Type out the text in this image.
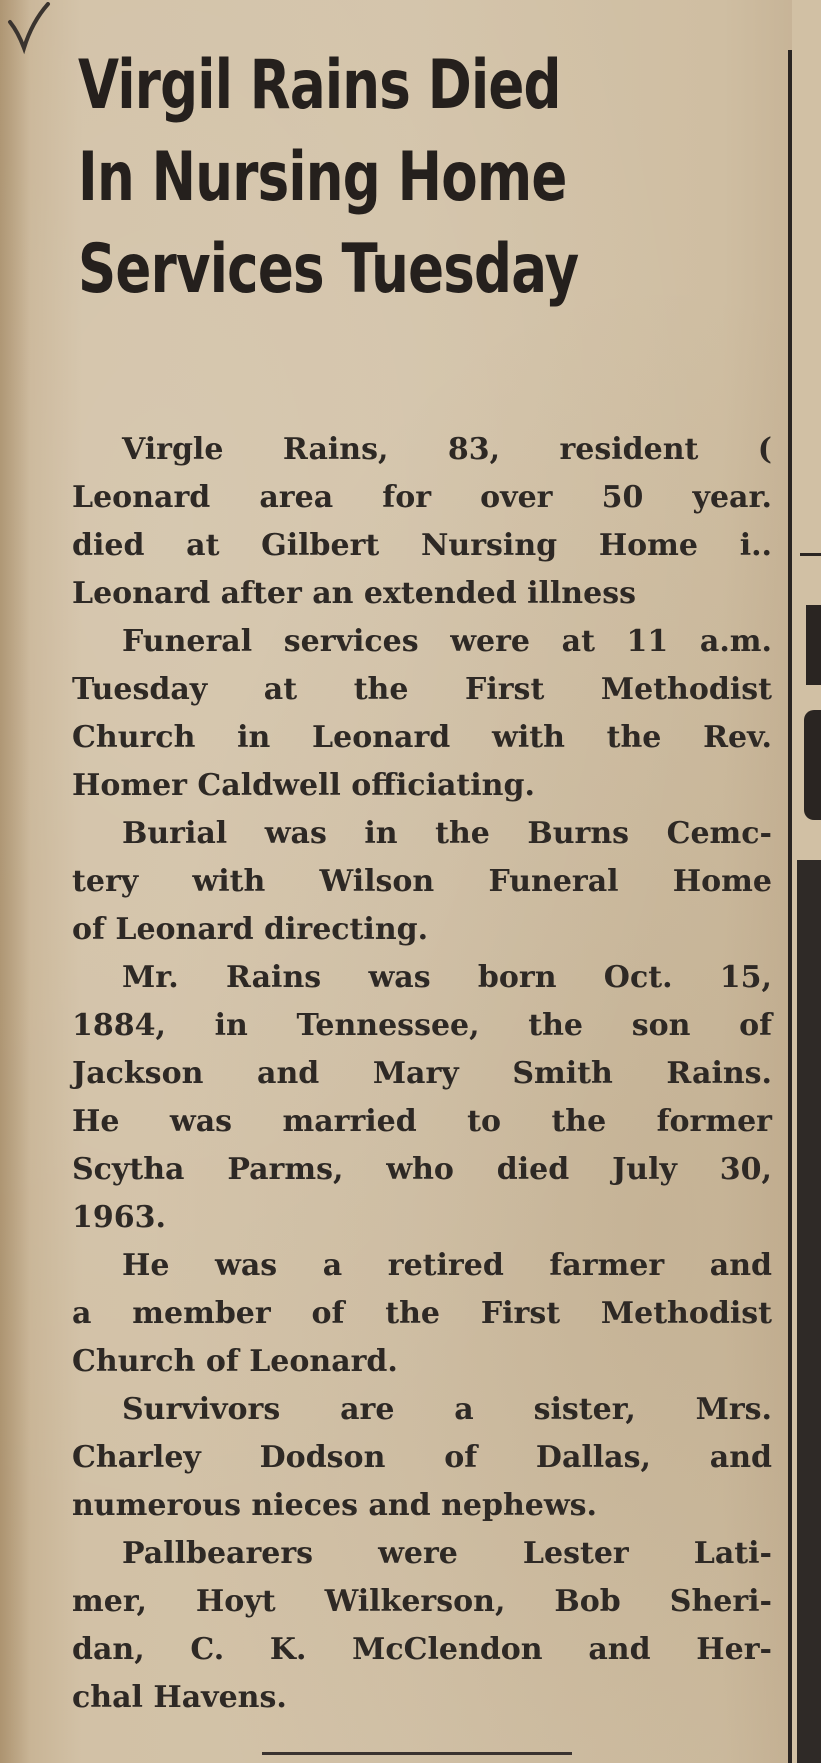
Virgil Rains Died
In Nursing Home
Services Tuesday
Virgle Rains, 83, resident (
Leonard area for over 50 year.
died at Gilbert Nursing Home i..
Leonard after an extended illness
Funeral services were at 11 a.m.
Tuesday at the First Methodist
Church in Leonard with the Rev.
Homer Caldwell officiating.
Burial was in the Burns Cemc-
tery with Wilson Funeral Home
of Leonard directing.
Mr. Rains was born Oct. 15,
1884, in Tennessee, the son of
Jackson and Mary Smith Rains.
He was married to the former
Scytha Parms, who died July 30,
1963.
He was a retired farmer and
a member of the First Methodist
Church of Leonard.
Survivors are a sister, Mrs.
Charley Dodson of Dallas, and
numerous nieces and nephews.
Pallbearers were Lester Lati-
mer, Hoyt Wilkerson, Bob Sheri-
dan, C. K. McClendon and Her-
chal Havens.
